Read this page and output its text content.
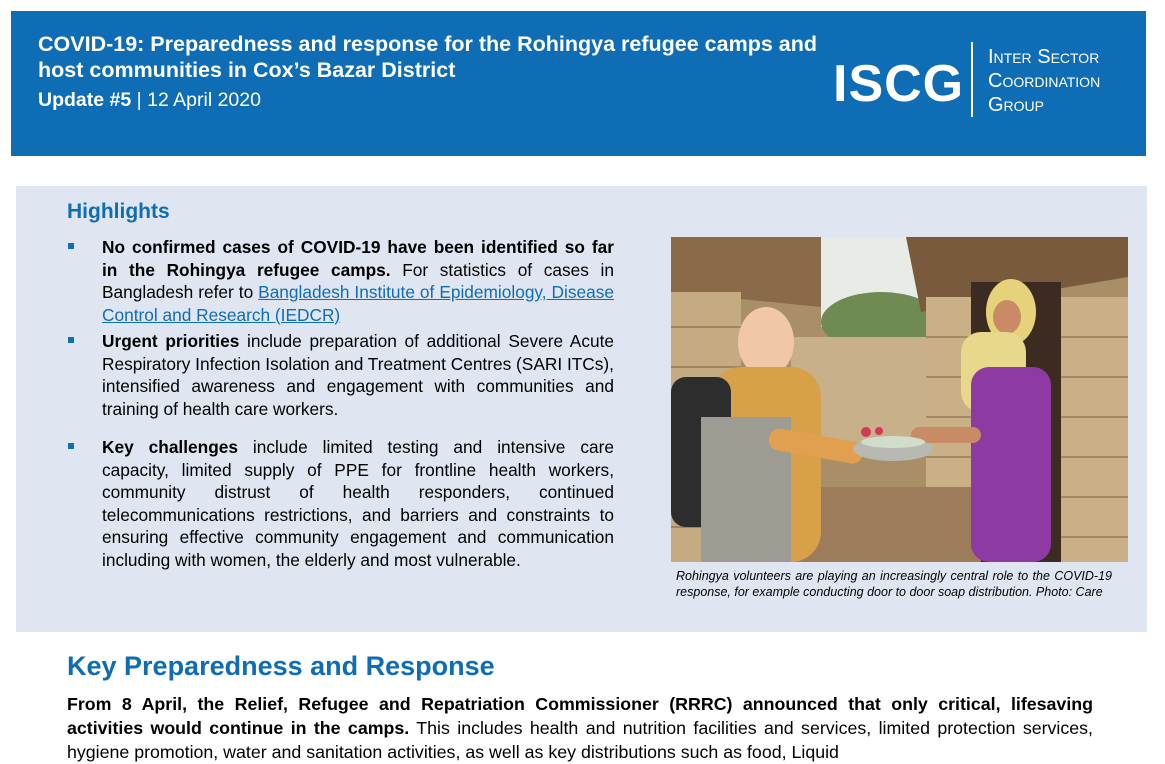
COVID-19: Preparedness and response for the Rohingya refugee camps and host communities in Cox’s Bazar District
Update #5 | 12 April 2020	ISCG Inter Sector
Coordination
Group
Highlights
No confirmed cases of COVID-19 have been identified so far in the Rohingya refugee camps. For statistics of cases in Bangladesh refer to Bangladesh Institute of Epidemiology, Disease Control and Research (IEDCR)
Urgent priorities include preparation of additional Severe Acute Respiratory Infection Isolation and Treatment Centres (SARI ITCs), intensified awareness and engagement with communities and training of health care workers.
Key challenges include limited testing and intensive care capacity, limited supply of PPE for frontline health workers, community distrust of health responders, continued telecommunications restrictions, and barriers and constraints to ensuring effective community engagement and communication including with women, the elderly and most vulnerable.
Rohingya volunteers are playing an increasingly central role to the COVID-19 response, for example conducting door to door soap distribution. Photo: Care
Key Preparedness and Response
From 8 April, the Relief, Refugee and Repatriation Commissioner (RRRC) announced that only critical, lifesaving activities would continue in the camps. This includes health and nutrition facilities and services, limited protection services, hygiene promotion, water and sanitation activities, as well as key distributions such as food, Liquid
